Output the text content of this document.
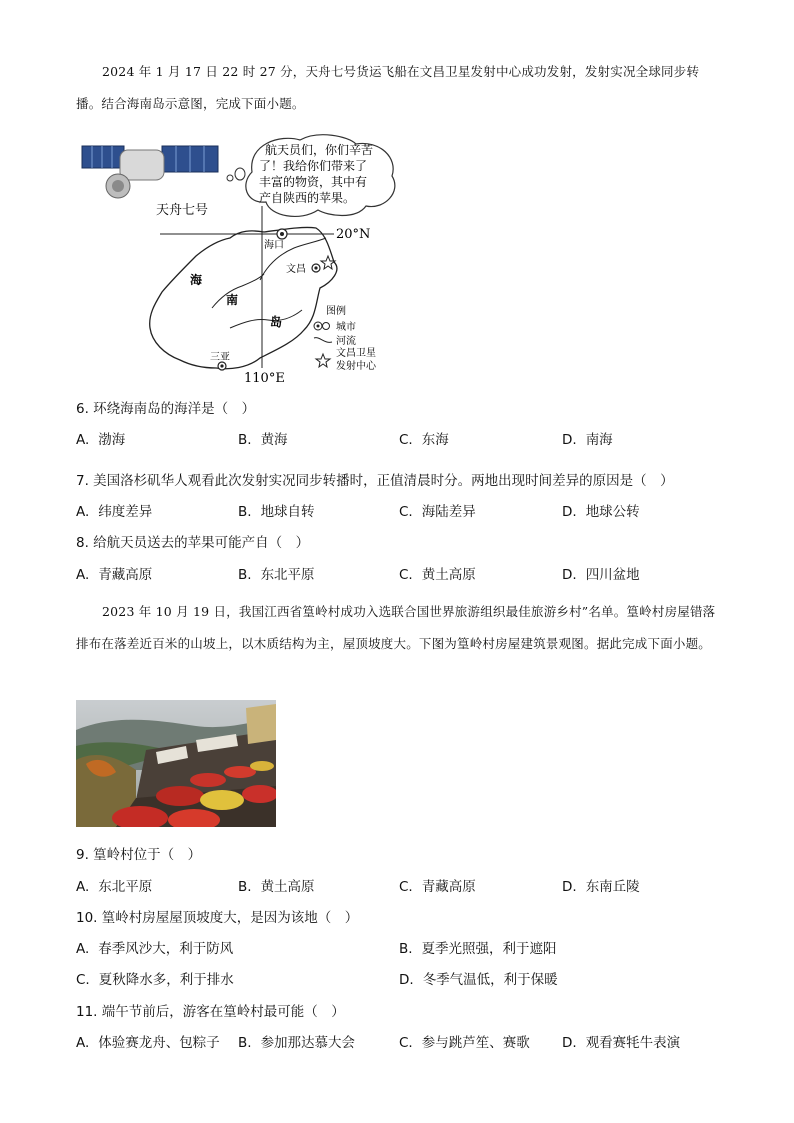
2024 年 1 月 17 日 22 时 27 分，天舟七号货运飞船在文昌卫星发射中心成功发射，发射实况全球同步转播。结合海南岛示意图，完成下面小题。
天舟七号
航天员们，你们辛苦 了！我给你们带来了 丰富的物资，其中有 产自陕西的苹果。
20°N
110°E
海口
文昌
三亚
海
南
岛
图例
城市
河流
文昌卫星
发射中心
6. 环绕海南岛的海洋是（　）
A. 渤海	B. 黄海	C. 东海	D. 南海
7. 美国洛杉矶华人观看此次发射实况同步转播时，正值清晨时分。两地出现时间差异的原因是（　）
A. 纬度差异	B. 地球自转	C. 海陆差异	D. 地球公转
8. 给航天员送去的苹果可能产自（　）
A. 青藏高原	B. 东北平原	C. 黄土高原	D. 四川盆地
2023 年 10 月 19 日，我国江西省篁岭村成功入选联合国世界旅游组织最佳旅游乡村”名单。篁岭村房屋错落排布在落差近百米的山坡上，以木质结构为主，屋顶坡度大。下图为篁岭村房屋建筑景观图。据此完成下面小题。
9. 篁岭村位于（　）
A. 东北平原	B. 黄土高原	C. 青藏高原	D. 东南丘陵
10. 篁岭村房屋屋顶坡度大，是因为该地（　）
A. 春季风沙大，利于防风	B. 夏季光照强，利于遮阳
C. 夏秋降水多，利于排水	D. 冬季气温低，利于保暖
11. 端午节前后，游客在篁岭村最可能（　）
A. 体验赛龙舟、包粽子 B. 参加那达慕大会	C. 参与跳芦笙、赛歌 D. 观看赛牦牛表演
